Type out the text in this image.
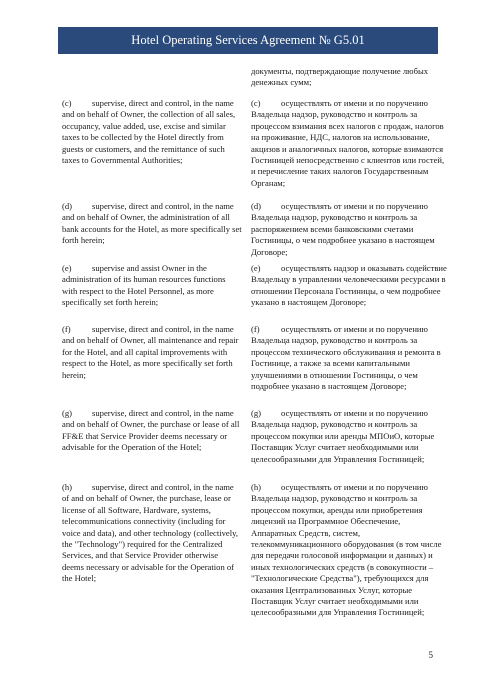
Hotel Operating Services Agreement № G5.01
документы, подтверждающие получение любых денежных сумм;
(c) supervise, direct and control, in the name and on behalf of Owner, the collection of all sales, occupancy, value added, use, excise and similar taxes to be collected by the Hotel directly from guests or customers, and the remittance of such taxes to Governmental Authorities;
(c) осуществлять от имени и по поручению Владельца надзор, руководство и контроль за процессом взимания всех налогов с продаж, налогов на проживание, НДС, налогов на использование, акцизов и аналогичных налогов, которые взимаются Гостиницей непосредственно с клиентов или гостей, и перечисление таких налогов Государственным Органам;
(d) supervise, direct and control, in the name and on behalf of Owner, the administration of all bank accounts for the Hotel, as more specifically set forth herein;
(d) осуществлять от имени и по поручению Владельца надзор, руководство и контроль за распоряжением всеми банковскими счетами Гостиницы, о чем подробнее указано в настоящем Договоре;
(e) supervise and assist Owner in the administration of its human resources functions with respect to the Hotel Personnel, as more specifically set forth herein;
(e) осуществлять надзор и оказывать содействие Владельцу в управлении человеческими ресурсами в отношении Персонала Гостиницы, о чем подробнее указано в настоящем Договоре;
(f) supervise, direct and control, in the name and on behalf of Owner, all maintenance and repair for the Hotel, and all capital improvements with respect to the Hotel, as more specifically set forth herein;
(f) осуществлять от имени и по поручению Владельца надзор, руководство и контроль за процессом технического обслуживания и ремонта в Гостинице, а также за всеми капитальными улучшениями в отношении Гостиницы, о чем подробнее указано в настоящем Договоре;
(g) supervise, direct and control, in the name and on behalf of Owner, the purchase or lease of all FF&E that Service Provider deems necessary or advisable for the Operation of the Hotel;
(g) осуществлять от имени и по поручению Владельца надзор, руководство и контроль за процессом покупки или аренды МПОиО, которые Поставщик Услуг считает необходимыми или целесообразными для Управления Гостиницей;
(h) supervise, direct and control, in the name of and on behalf of Owner, the purchase, lease or license of all Software, Hardware, systems, telecommunications connectivity (including for voice and data), and other technology (collectively, the "Technology") required for the Centralized Services, and that Service Provider otherwise deems necessary or advisable for the Operation of the Hotel;
(h) осуществлять от имени и по поручению Владельца надзор, руководство и контроль за процессом покупки, аренды или приобретения лицензий на Программное Обеспечение, Аппаратных Средств, систем, телекоммуникационного оборудования (в том числе для передачи голосовой информации и данных) и иных технологических средств (в совокупности – "Технологические Средства"), требующихся для оказания Централизованных Услуг, которые Поставщик Услуг считает необходимыми или целесообразными для Управления Гостиницей;
5
